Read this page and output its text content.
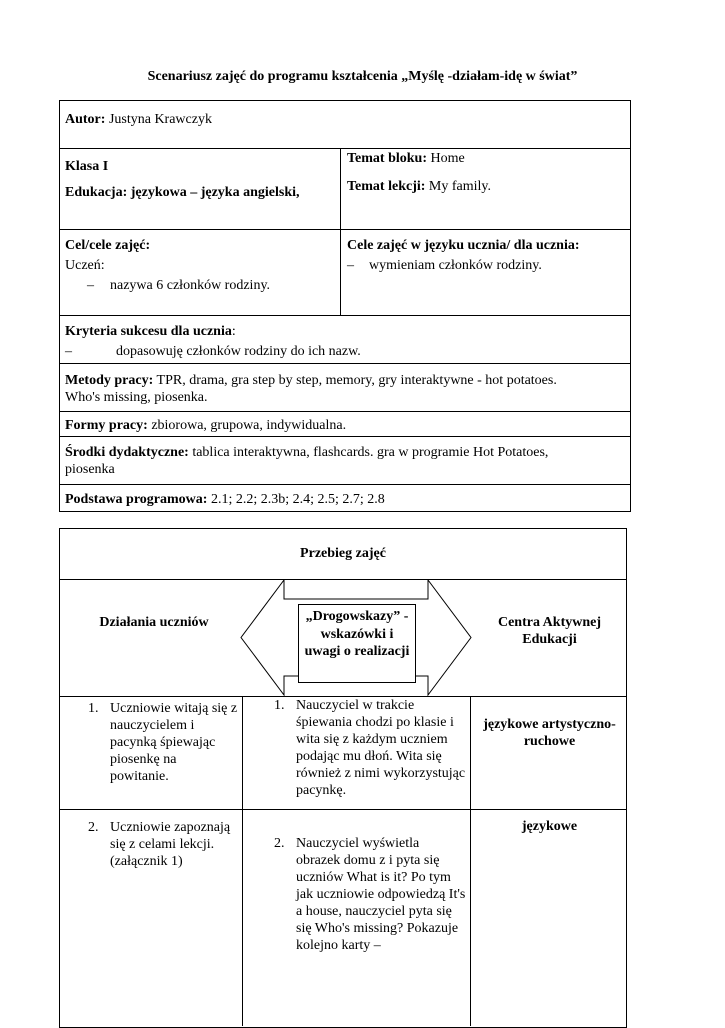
Scenariusz zajęć do programu kształcenia „Myślę -działam-idę w świat”
Autor: Justyna Krawczyk
Klasa I
Edukacja: językowa – języka angielski,
Temat bloku: Home
Temat lekcji: My family.
Cel/cele zajęć:
Uczeń:
– nazywa 6 członków rodziny.
Cele zajęć w języku ucznia/ dla ucznia:
– wymieniam członków rodziny.
Kryteria sukcesu dla ucznia:
–	dopasowuję członków rodziny do ich nazw.
Metody pracy: TPR, drama, gra step by step, memory, gry interaktywne - hot potatoes. Who's missing, piosenka.
Formy pracy: zbiorowa, grupowa, indywidualna.
Środki dydaktyczne: tablica interaktywna, flashcards. gra w programie Hot Potatoes, piosenka
Podstawa programowa: 2.1; 2.2; 2.3b; 2.4; 2.5; 2.7; 2.8
Przebieg zajęć
Działania uczniów	„Drogowskazy” -wskazówki i uwagi o realizacji
Centra Aktywnej Edukacji
1. Uczniowie witają się z nauczycielem i pacynką śpiewając piosenkę na powitanie.
1. Nauczyciel w trakcie śpiewania chodzi po klasie i wita się z każdym uczniem podając mu dłoń. Wita się również z nimi wykorzystując pacynkę.
językowe artystyczno-ruchowe
2. Uczniowie zapoznają się z celami lekcji. (załącznik 1)
2. Nauczyciel wyświetla obrazek domu z i pyta się uczniów What is it? Po tym jak uczniowie odpowiedzą It's a house, nauczyciel pyta się się Who's missing? Pokazuje kolejno karty –
językowe
